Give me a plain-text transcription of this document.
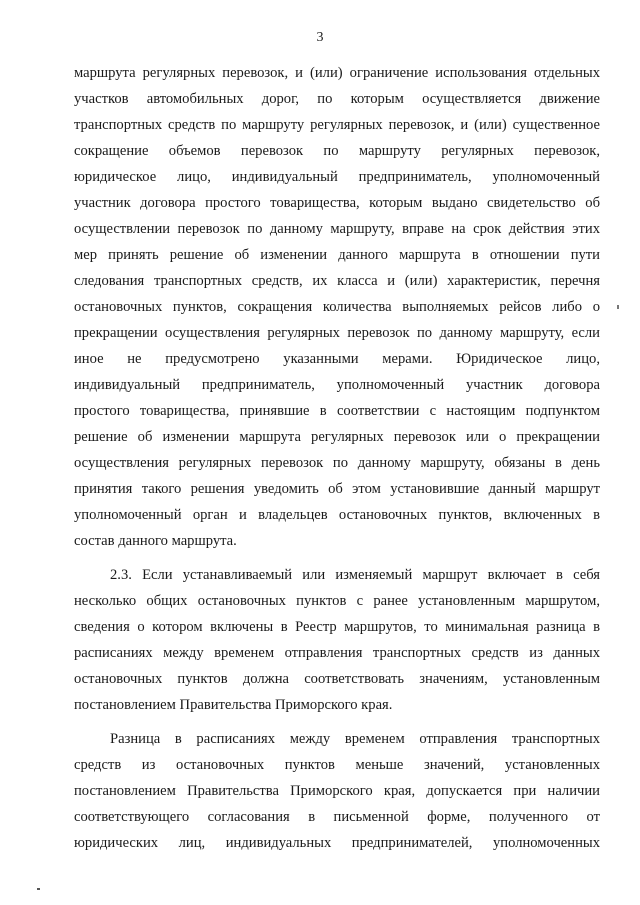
3
маршрута регулярных перевозок, и (или) ограничение использования отдельных
участков автомобильных дорог, по которым осуществляется движение
транспортных средств по маршруту регулярных перевозок, и (или) существенное
сокращение объемов перевозок по маршруту регулярных перевозок,
юридическое лицо, индивидуальный предприниматель, уполномоченный
участник договора простого товарищества, которым выдано свидетельство об
осуществлении перевозок по данному маршруту, вправе на срок действия этих
мер принять решение об изменении данного маршрута в отношении пути
следования транспортных средств, их класса и (или) характеристик, перечня
остановочных пунктов, сокращения количества выполняемых рейсов либо о
прекращении осуществления регулярных перевозок по данному маршруту, если
иное не предусмотрено указанными мерами. Юридическое лицо,
индивидуальный предприниматель, уполномоченный участник договора
простого товарищества, принявшие в соответствии с настоящим подпунктом
решение об изменении маршрута регулярных перевозок или о прекращении
осуществления регулярных перевозок по данному маршруту, обязаны в день
принятия такого решения уведомить об этом установившие данный маршрут
уполномоченный орган и владельцев остановочных пунктов, включенных в
состав данного маршрута.
2.3. Если устанавливаемый или изменяемый маршрут включает в себя
несколько общих остановочных пунктов с ранее установленным маршрутом,
сведения о котором включены в Реестр маршрутов, то минимальная разница в
расписаниях между временем отправления транспортных средств из данных
остановочных пунктов должна соответствовать значениям, установленным
постановлением Правительства Приморского края.
Разница в расписаниях между временем отправления транспортных
средств из остановочных пунктов меньше значений, установленных
постановлением Правительства Приморского края, допускается при наличии
соответствующего согласования в письменной форме, полученного от
юридических лиц, индивидуальных предпринимателей, уполномоченных
